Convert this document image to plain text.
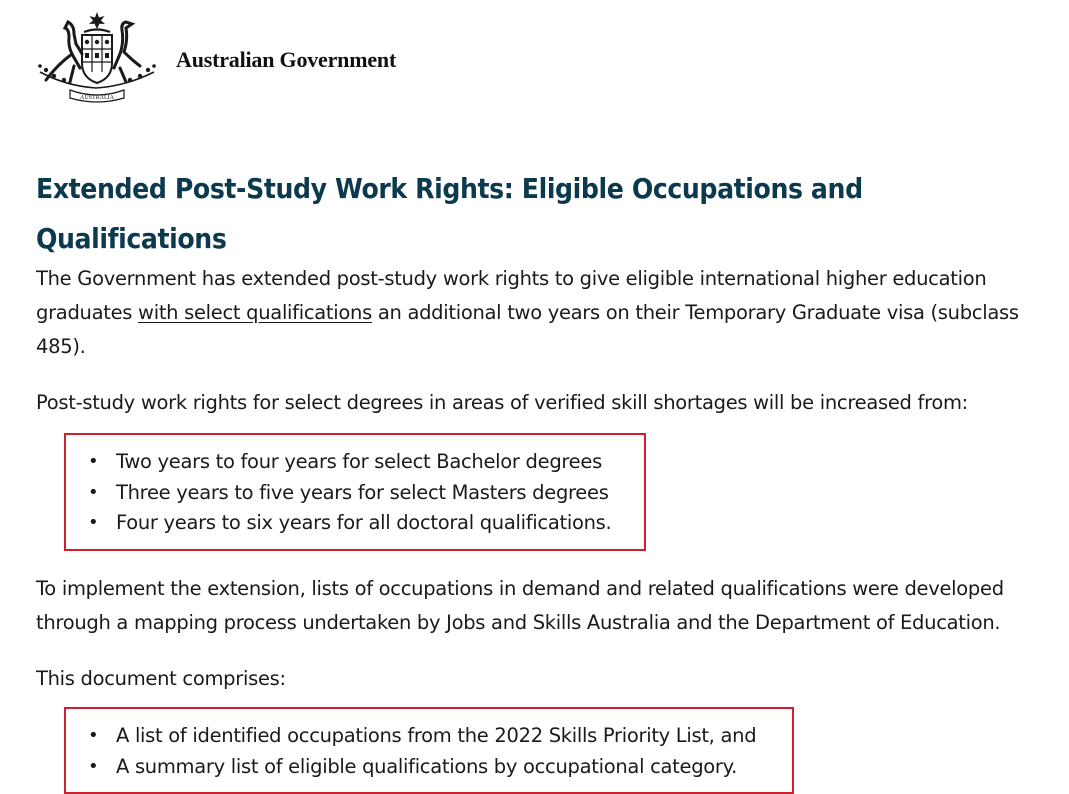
AUSTRALIA
Australian Government
Extended Post-Study Work Rights: Eligible Occupations and Qualifications

The Government has extended post-study work rights to give eligible international higher education graduates with select qualifications an additional two years on their Temporary Graduate visa (subclass 485).

Post-study work rights for select degrees in areas of verified skill shortages will be increased from:

• Two years to four years for select Bachelor degrees
• Three years to five years for select Masters degrees
• Four years to six years for all doctoral qualifications.

To implement the extension, lists of occupations in demand and related qualifications were developed through a mapping process undertaken by Jobs and Skills Australia and the Department of Education.

This document comprises:

• A list of identified occupations from the 2022 Skills Priority List, and
• A summary list of eligible qualifications by occupational category.
